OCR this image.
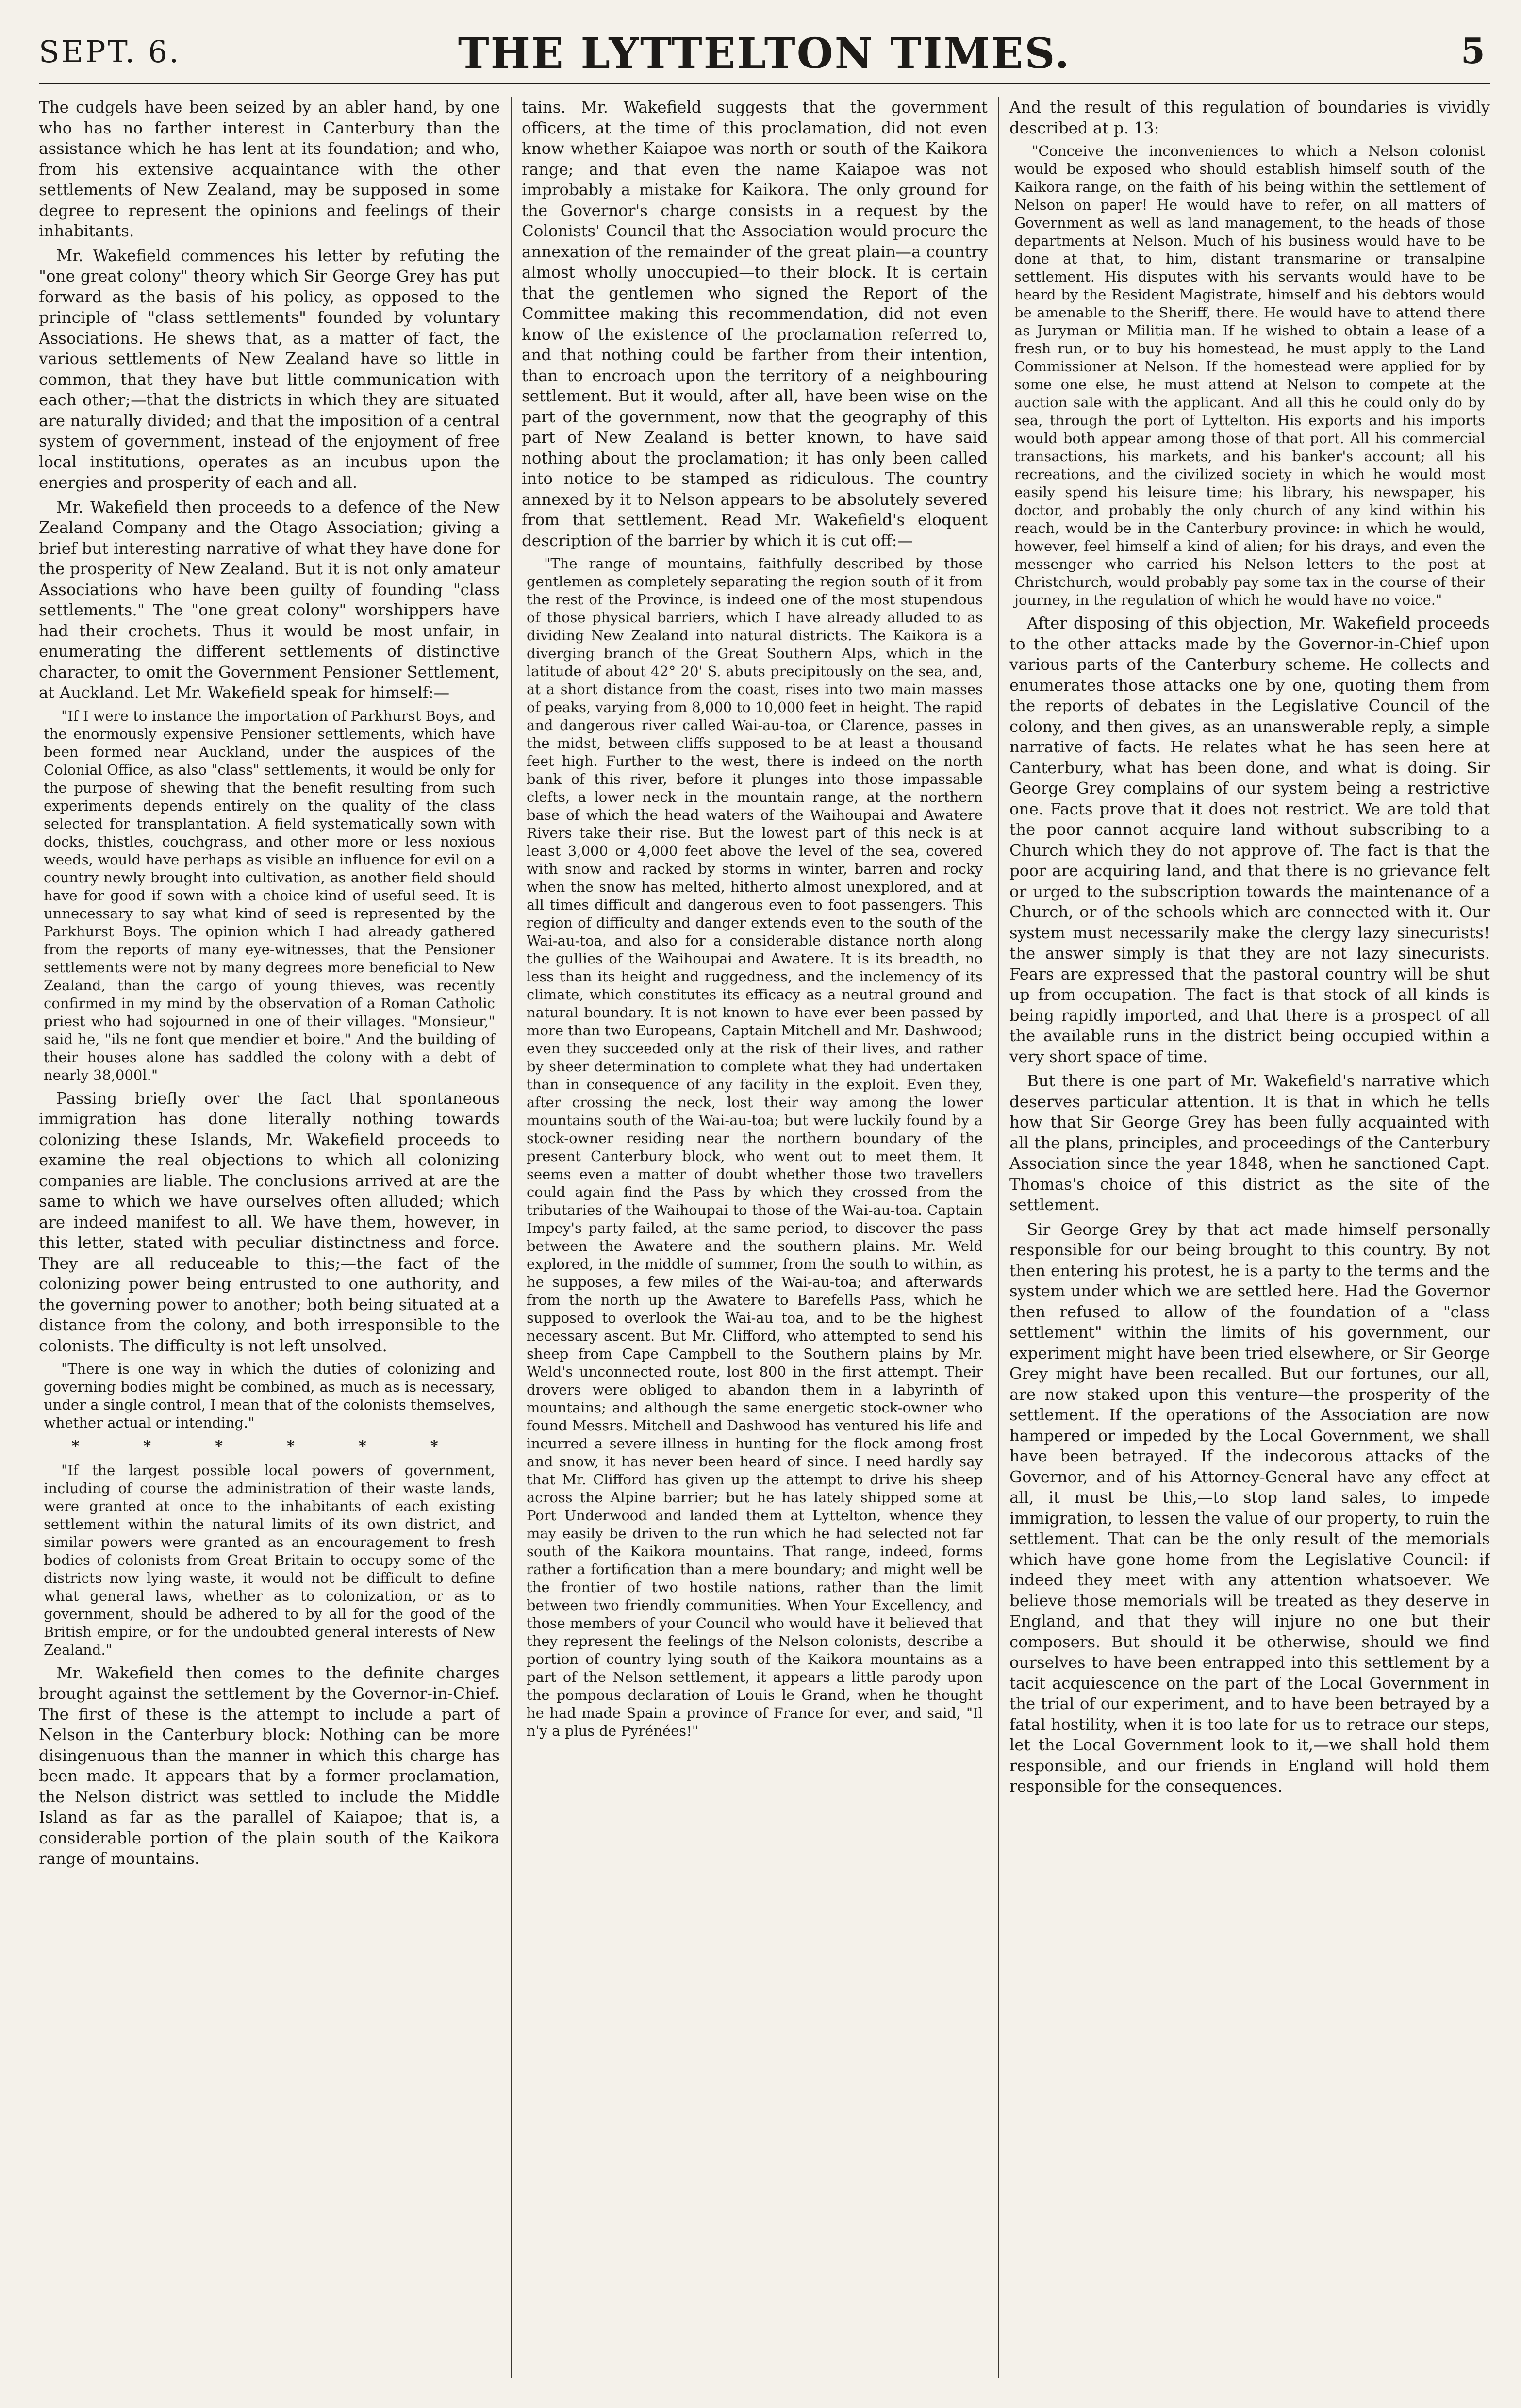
SEPT. 6.	THE LYTTELTON TIMES.	5

The cudgels have been seized by an abler hand, by one who has no farther interest in Canterbury than the assistance which he has lent at its foundation; and who, from his extensive acquaintance with the other settlements of New Zealand, may be supposed in some degree to represent the opinions and feelings of their inhabitants.

Mr. Wakefield commences his letter by refuting the "one great colony" theory which Sir George Grey has put forward as the basis of his policy, as opposed to the principle of "class settlements" founded by voluntary Associations. He shews that, as a matter of fact, the various settlements of New Zealand have so little in common, that they have but little communication with each other;—that the districts in which they are situated are naturally divided; and that the imposition of a central system of government, instead of the enjoyment of free local institutions, operates as an incubus upon the energies and prosperity of each and all.

Mr. Wakefield then proceeds to a defence of the New Zealand Company and the Otago Association; giving a brief but interesting narrative of what they have done for the prosperity of New Zealand. But it is not only amateur Associations who have been guilty of founding "class settlements." The "one great colony" worshippers have had their crochets. Thus it would be most unfair, in enumerating the different settlements of distinctive character, to omit the Government Pensioner Settlement, at Auckland. Let Mr. Wakefield speak for himself:—

"If I were to instance the importation of Parkhurst Boys, and the enormously expensive Pensioner settlements, which have been formed near Auckland, under the auspices of the Colonial Office, as also "class" settlements, it would be only for the purpose of shewing that the benefit resulting from such experiments depends entirely on the quality of the class selected for transplantation. A field systematically sown with docks, thistles, couchgrass, and other more or less noxious weeds, would have perhaps as visible an influence for evil on a country newly brought into cultivation, as another field should have for good if sown with a choice kind of useful seed. It is unnecessary to say what kind of seed is represented by the Parkhurst Boys. The opinion which I had already gathered from the reports of many eye-witnesses, that the Pensioner settlements were not by many degrees more beneficial to New Zealand, than the cargo of young thieves, was recently confirmed in my mind by the observation of a Roman Catholic priest who had sojourned in one of their villages. "Monsieur," said he, "ils ne font que mendier et boire." And the building of their houses alone has saddled the colony with a debt of nearly 38,000l."

Passing briefly over the fact that spontaneous immigration has done literally nothing towards colonizing these Islands, Mr. Wakefield proceeds to examine the real objections to which all colonizing companies are liable. The conclusions arrived at are the same to which we have ourselves often alluded; which are indeed manifest to all. We have them, however, in this letter, stated with peculiar distinctness and force. They are all reduceable to this;—the fact of the colonizing power being entrusted to one authority, and the governing power to another; both being situated at a distance from the colony, and both irresponsible to the colonists. The difficulty is not left unsolved.

"There is one way in which the duties of colonizing and governing bodies might be combined, as much as is necessary, under a single control, I mean that of the colonists themselves, whether actual or intending."

* * * * * *

"If the largest possible local powers of government, including of course the administration of their waste lands, were granted at once to the inhabitants of each existing settlement within the natural limits of its own district, and similar powers were granted as an encouragement to fresh bodies of colonists from Great Britain to occupy some of the districts now lying waste, it would not be difficult to define what general laws, whether as to colonization, or as to government, should be adhered to by all for the good of the British empire, or for the undoubted general interests of New Zealand."

Mr. Wakefield then comes to the definite charges brought against the settlement by the Governor-in-Chief. The first of these is the attempt to include a part of Nelson in the Canterbury block: Nothing can be more disingenuous than the manner in which this charge has been made. It appears that by a former proclamation, the Nelson district was settled to include the Middle Island as far as the parallel of Kaiapoe; that is, a considerable portion of the plain south of the Kaikora range of mountains.

tains. Mr. Wakefield suggests that the government officers, at the time of this proclamation, did not even know whether Kaiapoe was north or south of the Kaikora range; and that even the name Kaiapoe was not improbably a mistake for Kaikora. The only ground for the Governor's charge consists in a request by the Colonists' Council that the Association would procure the annexation of the remainder of the great plain—a country almost wholly unoccupied—to their block. It is certain that the gentlemen who signed the Report of the Committee making this recommendation, did not even know of the existence of the proclamation referred to, and that nothing could be farther from their intention, than to encroach upon the territory of a neighbouring settlement. But it would, after all, have been wise on the part of the government, now that the geography of this part of New Zealand is better known, to have said nothing about the proclamation; it has only been called into notice to be stamped as ridiculous. The country annexed by it to Nelson appears to be absolutely severed from that settlement. Read Mr. Wakefield's eloquent description of the barrier by which it is cut off:—

"The range of mountains, faithfully described by those gentlemen as completely separating the region south of it from the rest of the Province, is indeed one of the most stupendous of those physical barriers, which I have already alluded to as dividing New Zealand into natural districts. The Kaikora is a diverging branch of the Great Southern Alps, which in the latitude of about 42° 20' S. abuts precipitously on the sea, and, at a short distance from the coast, rises into two main masses of peaks, varying from 8,000 to 10,000 feet in height. The rapid and dangerous river called Wai-au-toa, or Clarence, passes in the midst, between cliffs supposed to be at least a thousand feet high. Further to the west, there is indeed on the north bank of this river, before it plunges into those impassable clefts, a lower neck in the mountain range, at the northern base of which the head waters of the Waihoupai and Awatere Rivers take their rise. But the lowest part of this neck is at least 3,000 or 4,000 feet above the level of the sea, covered with snow and racked by storms in winter, barren and rocky when the snow has melted, hitherto almost unexplored, and at all times difficult and dangerous even to foot passengers. This region of difficulty and danger extends even to the south of the Wai-au-toa, and also for a considerable distance north along the gullies of the Waihoupai and Awatere. It is its breadth, no less than its height and ruggedness, and the inclemency of its climate, which constitutes its efficacy as a neutral ground and natural boundary. It is not known to have ever been passed by more than two Europeans, Captain Mitchell and Mr. Dashwood; even they succeeded only at the risk of their lives, and rather by sheer determination to complete what they had undertaken than in consequence of any facility in the exploit. Even they, after crossing the neck, lost their way among the lower mountains south of the Wai-au-toa; but were luckily found by a stock-owner residing near the northern boundary of the present Canterbury block, who went out to meet them. It seems even a matter of doubt whether those two travellers could again find the Pass by which they crossed from the tributaries of the Waihoupai to those of the Wai-au-toa. Captain Impey's party failed, at the same period, to discover the pass between the Awatere and the southern plains. Mr. Weld explored, in the middle of summer, from the south to within, as he supposes, a few miles of the Wai-au-toa; and afterwards from the north up the Awatere to Barefells Pass, which he supposed to overlook the Wai-au toa, and to be the highest necessary ascent. But Mr. Clifford, who attempted to send his sheep from Cape Campbell to the Southern plains by Mr. Weld's unconnected route, lost 800 in the first attempt. Their drovers were obliged to abandon them in a labyrinth of mountains; and although the same energetic stock-owner who found Messrs. Mitchell and Dashwood has ventured his life and incurred a severe illness in hunting for the flock among frost and snow, it has never been heard of since. I need hardly say that Mr. Clifford has given up the attempt to drive his sheep across the Alpine barrier; but he has lately shipped some at Port Underwood and landed them at Lyttelton, whence they may easily be driven to the run which he had selected not far south of the Kaikora mountains. That range, indeed, forms rather a fortification than a mere boundary; and might well be the frontier of two hostile nations, rather than the limit between two friendly communities. When Your Excellency, and those members of your Council who would have it believed that they represent the feelings of the Nelson colonists, describe a portion of country lying south of the Kaikora mountains as a part of the Nelson settlement, it appears a little parody upon the pompous declaration of Louis le Grand, when he thought he had made Spain a province of France for ever, and said, "Il n'y a plus de Pyrénées!"

And the result of this regulation of boundaries is vividly described at p. 13:

"Conceive the inconveniences to which a Nelson colonist would be exposed who should establish himself south of the Kaikora range, on the faith of his being within the settlement of Nelson on paper! He would have to refer, on all matters of Government as well as land management, to the heads of those departments at Nelson. Much of his business would have to be done at that, to him, distant transmarine or transalpine settlement. His disputes with his servants would have to be heard by the Resident Magistrate, himself and his debtors would be amenable to the Sheriff, there. He would have to attend there as Juryman or Militia man. If he wished to obtain a lease of a fresh run, or to buy his homestead, he must apply to the Land Commissioner at Nelson. If the homestead were applied for by some one else, he must attend at Nelson to compete at the auction sale with the applicant. And all this he could only do by sea, through the port of Lyttelton. His exports and his imports would both appear among those of that port. All his commercial transactions, his markets, and his banker's account; all his recreations, and the civilized society in which he would most easily spend his leisure time; his library, his newspaper, his doctor, and probably the only church of any kind within his reach, would be in the Canterbury province: in which he would, however, feel himself a kind of alien; for his drays, and even the messenger who carried his Nelson letters to the post at Christchurch, would probably pay some tax in the course of their journey, in the regulation of which he would have no voice."

After disposing of this objection, Mr. Wakefield proceeds to the other attacks made by the Governor-in-Chief upon various parts of the Canterbury scheme. He collects and enumerates those attacks one by one, quoting them from the reports of debates in the Legislative Council of the colony, and then gives, as an unanswerable reply, a simple narrative of facts. He relates what he has seen here at Canterbury, what has been done, and what is doing. Sir George Grey complains of our system being a restrictive one. Facts prove that it does not restrict. We are told that the poor cannot acquire land without subscribing to a Church which they do not approve of. The fact is that the poor are acquiring land, and that there is no grievance felt or urged to the subscription towards the maintenance of a Church, or of the schools which are connected with it. Our system must necessarily make the clergy lazy sinecurists! the answer simply is that they are not lazy sinecurists. Fears are expressed that the pastoral country will be shut up from occupation. The fact is that stock of all kinds is being rapidly imported, and that there is a prospect of all the available runs in the district being occupied within a very short space of time.

But there is one part of Mr. Wakefield's narrative which deserves particular attention. It is that in which he tells how that Sir George Grey has been fully acquainted with all the plans, principles, and proceedings of the Canterbury Association since the year 1848, when he sanctioned Capt. Thomas's choice of this district as the site of the settlement.

Sir George Grey by that act made himself personally responsible for our being brought to this country. By not then entering his protest, he is a party to the terms and the system under which we are settled here. Had the Governor then refused to allow of the foundation of a "class settlement" within the limits of his government, our experiment might have been tried elsewhere, or Sir George Grey might have been recalled. But our fortunes, our all, are now staked upon this venture—the prosperity of the settlement. If the operations of the Association are now hampered or impeded by the Local Government, we shall have been betrayed. If the indecorous attacks of the Governor, and of his Attorney-General have any effect at all, it must be this,—to stop land sales, to impede immigration, to lessen the value of our property, to ruin the settlement. That can be the only result of the memorials which have gone home from the Legislative Council: if indeed they meet with any attention whatsoever. We believe those memorials will be treated as they deserve in England, and that they will injure no one but their composers. But should it be otherwise, should we find ourselves to have been entrapped into this settlement by a tacit acquiescence on the part of the Local Government in the trial of our experiment, and to have been betrayed by a fatal hostility, when it is too late for us to retrace our steps, let the Local Government look to it,—we shall hold them responsible, and our friends in England will hold them responsible for the consequences.
